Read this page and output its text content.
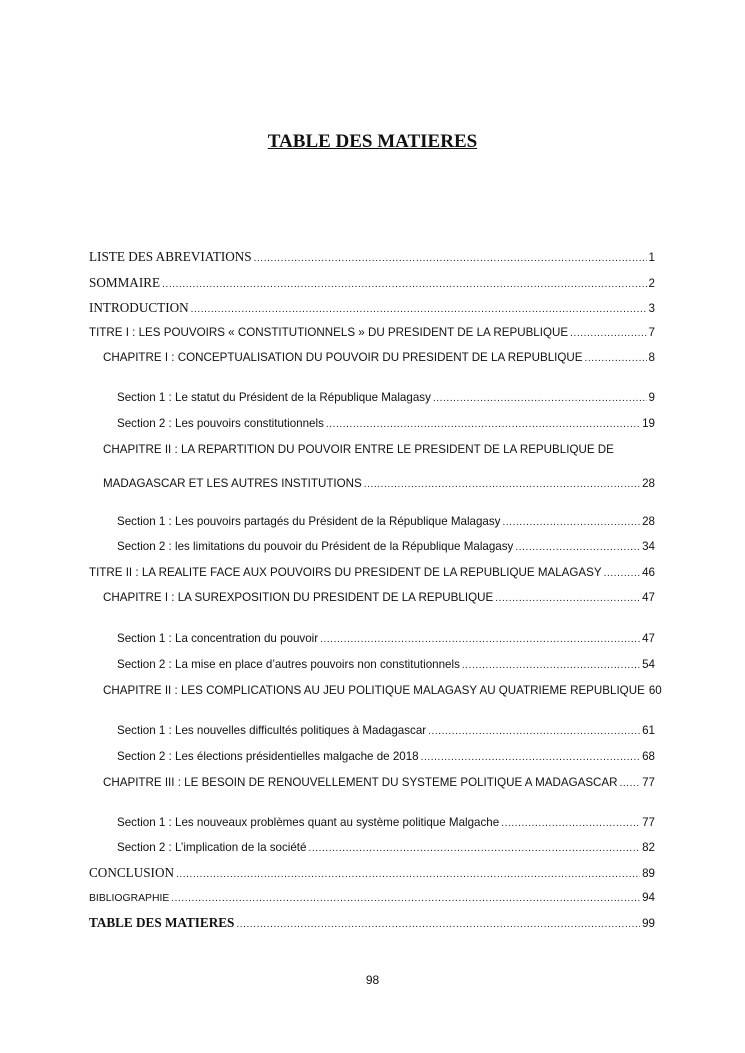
TABLE DES MATIERES
LISTE DES ABREVIATIONS .....	1
SOMMAIRE .....	2
INTRODUCTION .....	3
TITRE I : LES POUVOIRS « CONSTITUTIONNELS » DU PRESIDENT DE LA REPUBLIQUE .....	7
CHAPITRE I : CONCEPTUALISATION DU POUVOIR DU PRESIDENT DE LA REPUBLIQUE .....	8
Section 1 : Le statut du Président de la République Malagasy .....	9
Section 2 : Les pouvoirs constitutionnels .....	19
CHAPITRE II : LA REPARTITION DU POUVOIR ENTRE LE PRESIDENT DE LA REPUBLIQUE DE
MADAGASCAR ET LES AUTRES INSTITUTIONS .....	28
Section 1 : Les pouvoirs partagés du Président de la République Malagasy .....	28
Section 2 : les limitations du pouvoir du Président de la République Malagasy .....	34
TITRE II : LA REALITE FACE AUX POUVOIRS DU PRESIDENT DE LA REPUBLIQUE MALAGASY .....	46
CHAPITRE I : LA SUREXPOSITION DU PRESIDENT DE LA REPUBLIQUE .....	47
Section 1 : La concentration du pouvoir .....	47
Section 2 : La mise en place d’autres pouvoirs non constitutionnels .....	54
CHAPITRE II : LES COMPLICATIONS AU JEU POLITIQUE MALAGASY AU QUATRIEME REPUBLIQUE 60
Section 1 : Les nouvelles difficultés politiques à Madagascar .....	61
Section 2 : Les élections présidentielles malgache de 2018 .....	68
CHAPITRE III : LE BESOIN DE RENOUVELLEMENT DU SYSTEME POLITIQUE A MADAGASCAR ..... 77
Section 1 : Les nouveaux problèmes quant au système politique Malgache .....	77
Section 2 : L’implication de la société .....	82
CONCLUSION .....	89
BIBLIOGRAPHIE .....	94
TABLE DES MATIERES .....	99
98
